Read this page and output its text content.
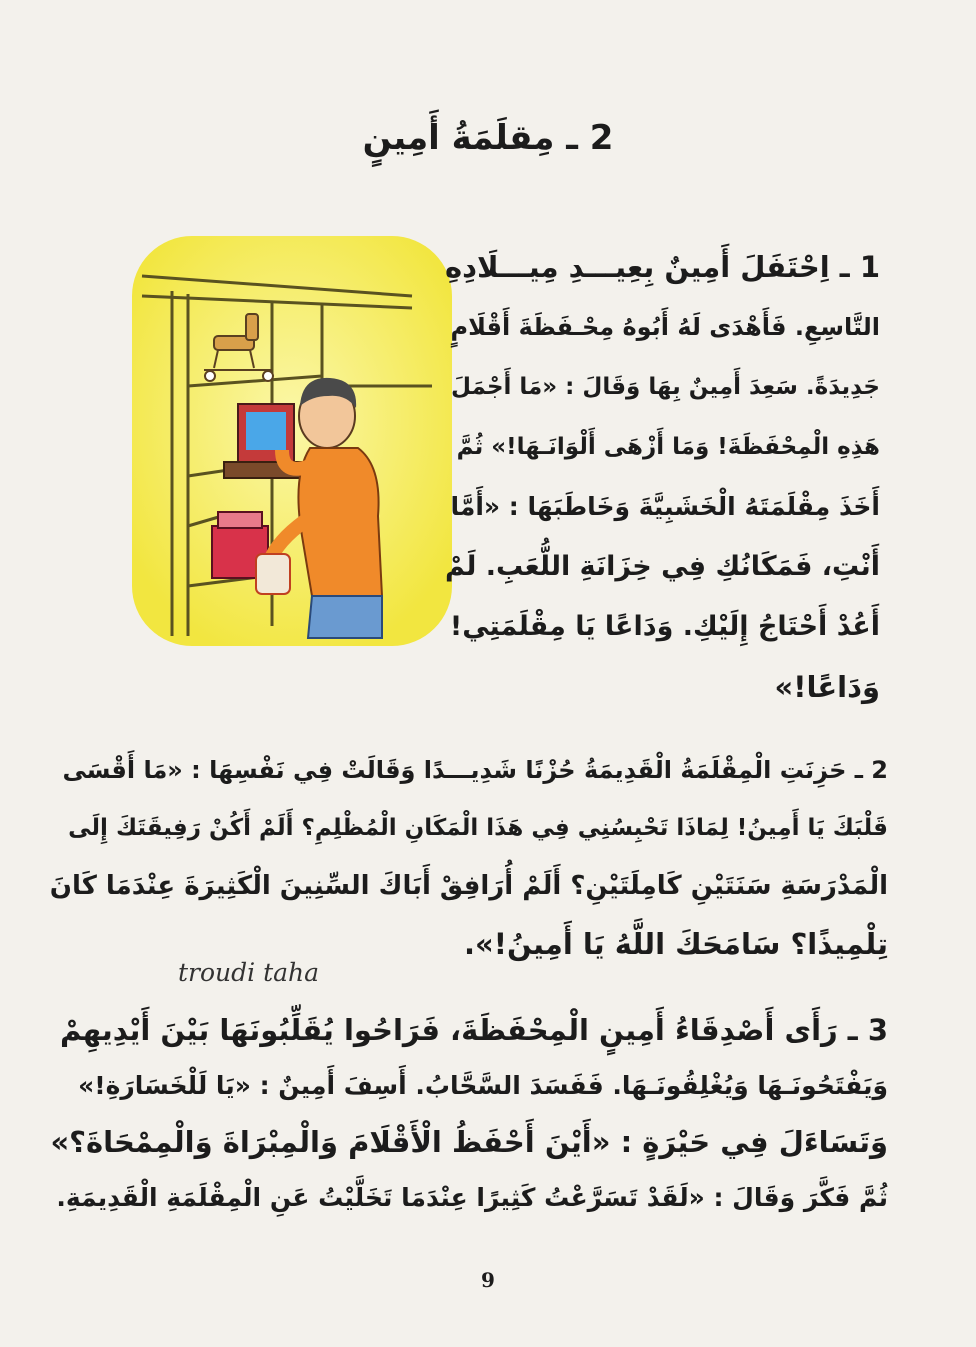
2 ـ مِقلَمَةُ أَمِينٍ
1 ـ اِحْتَفَلَ أَمِينٌ بِعِيـــدِ مِيـــلَادِهِ
التَّاسِعِ. فَأَهْدَى لَهُ أَبُوهُ مِحْـفَظَةَ أَقْلَامٍ
جَدِيدَةً. سَعِدَ أَمِينٌ بِهَا وَقَالَ : «مَا أَجْمَلَ
هَذِهِ الْمِحْفَظَةَ! وَمَا أَزْهَى أَلْوَانَـهَا!» ثُمَّ
أَخَذَ مِقْلَمَتَهُ الْخَشَبِيَّةَ وَخَاطَبَهَا : «أَمَّا
أَنْتِ، فَمَكَانُكِ فِي خِزَانَةِ اللُّعَبِ. لَمْ
أَعُدْ أَحْتَاجُ إِلَيْكِ. وَدَاعًا يَا مِقْلَمَتِي!
وَدَاعًا!»
2 ـ حَزِنَتِ الْمِقْلَمَةُ الْقَدِيمَةُ حُزْنًا شَدِيـــدًا وَقَالَتْ فِي نَفْسِهَا : «مَا أَقْسَى
قَلْبَكَ يَا أَمِينُ! لِمَاذَا تَحْبِسُنِي فِي هَذَا الْمَكَانِ الْمُظْلِمِ؟ أَلَمْ أَكُنْ رَفِيقَتَكَ إِلَى
الْمَدْرَسَةِ سَنَتَيْنِ كَامِلَتَيْنِ؟ أَلَمْ أُرَافِقْ أَبَاكَ السِّنِينَ الْكَثِيرَةَ عِنْدَمَا كَانَ
تِلْمِيذًا؟ سَامَحَكَ اللَّهُ يَا أَمِينُ!».
troudi taha
3 ـ رَأَى أَصْدِقَاءُ أَمِينٍ الْمِحْفَظَةَ، فَرَاحُوا يُقَلِّبُونَهَا بَيْنَ أَيْدِيهِمْ
وَيَفْتَحُونَـهَا وَيُغْلِقُونَـهَا. فَفَسَدَ السَّحَّابُ. أَسِفَ أَمِينٌ : «يَا لَلْخَسَارَةِ!»
وَتَسَاءَلَ فِي حَيْرَةٍ : «أَيْنَ أَحْفَظُ الْأَقْلَامَ وَالْمِبْرَاةَ وَالْمِمْحَاةَ؟»
ثُمَّ فَكَّرَ وَقَالَ : «لَقَدْ تَسَرَّعْتُ كَثِيرًا عِنْدَمَا تَخَلَّيْتُ عَنِ الْمِقْلَمَةِ الْقَدِيمَةِ.
9
